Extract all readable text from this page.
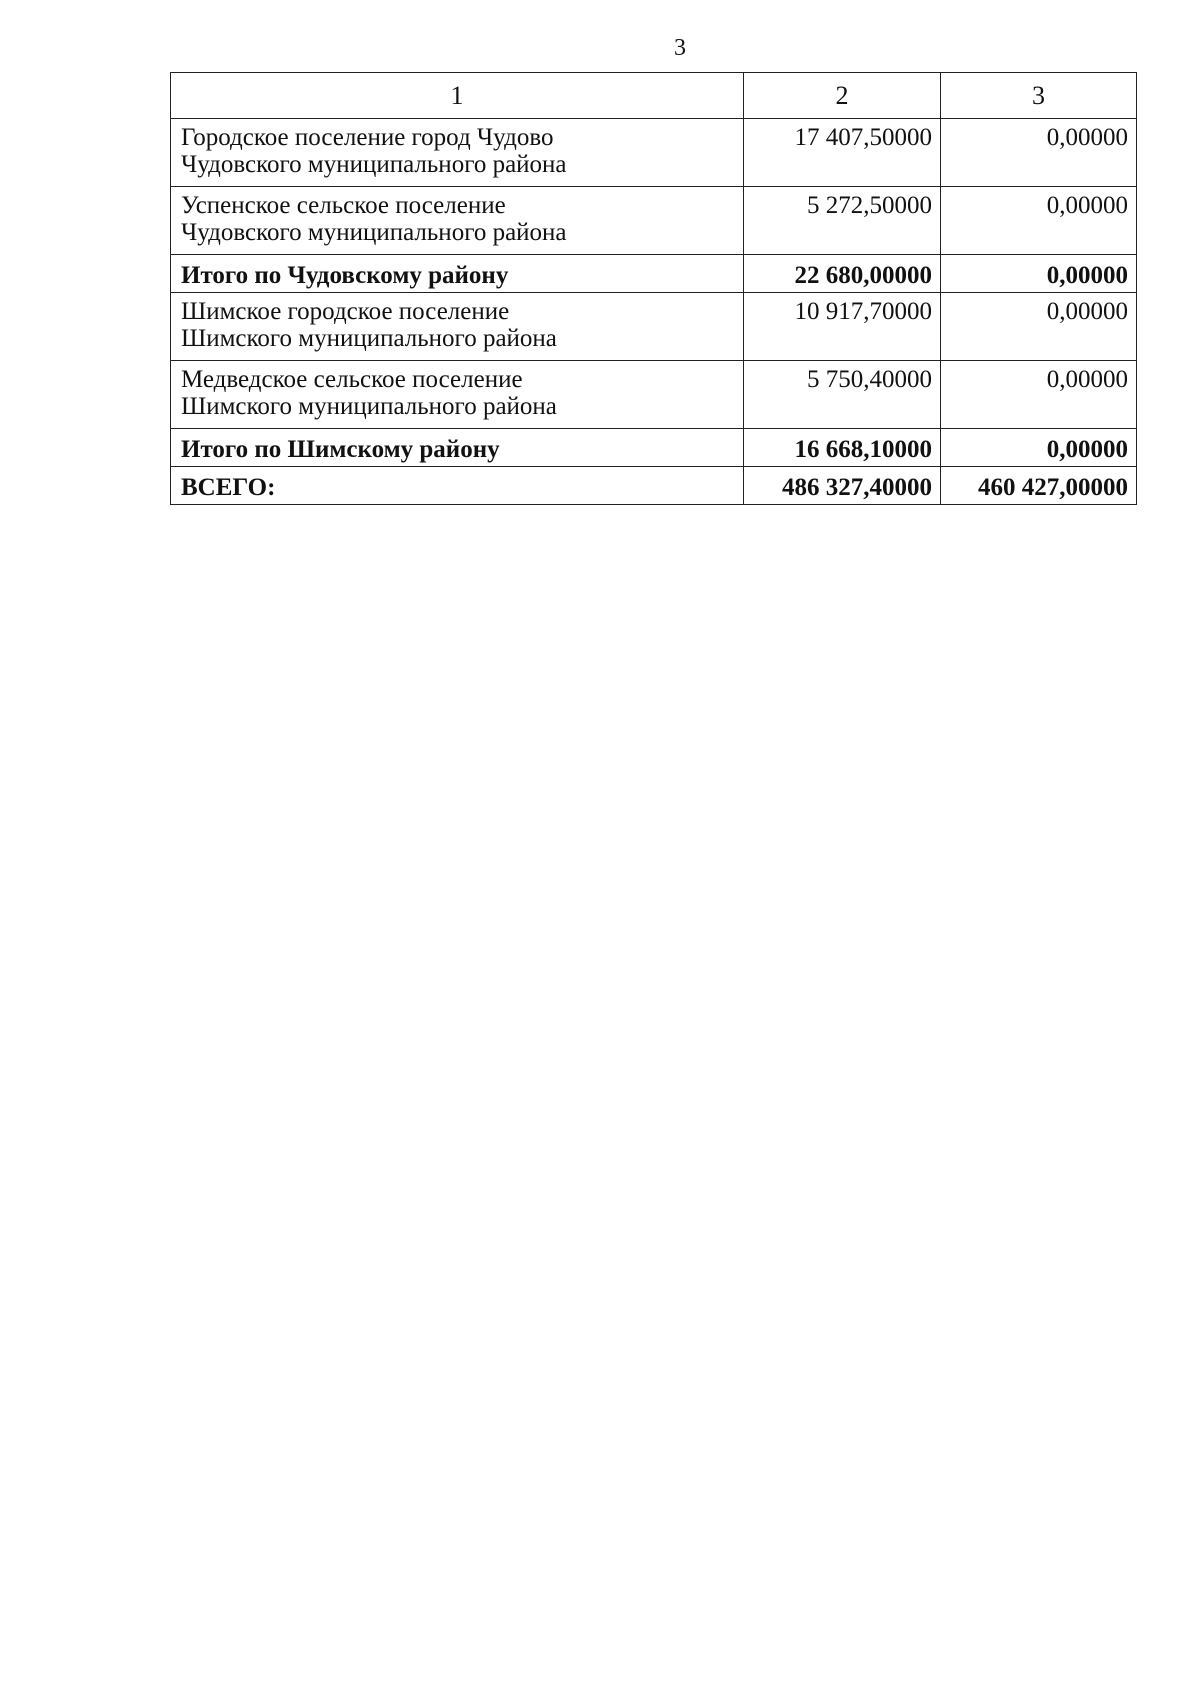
3
1	2	3

Городское поселение город Чудово
Чудовского муниципального района	17 407,50000	0,00000

Успенское сельское поселение
Чудовского муниципального района	5 272,50000	0,00000
Итого по Чудовскому району	22 680,00000	0,00000

Шимское городское поселение
Шимского муниципального района	10 917,70000	0,00000

Медведское сельское поселение
Шимского муниципального района	5 750,40000	0,00000
Итого по Шимскому району	16 668,10000	0,00000
ВСЕГО:	486 327,40000	460 427,00000
